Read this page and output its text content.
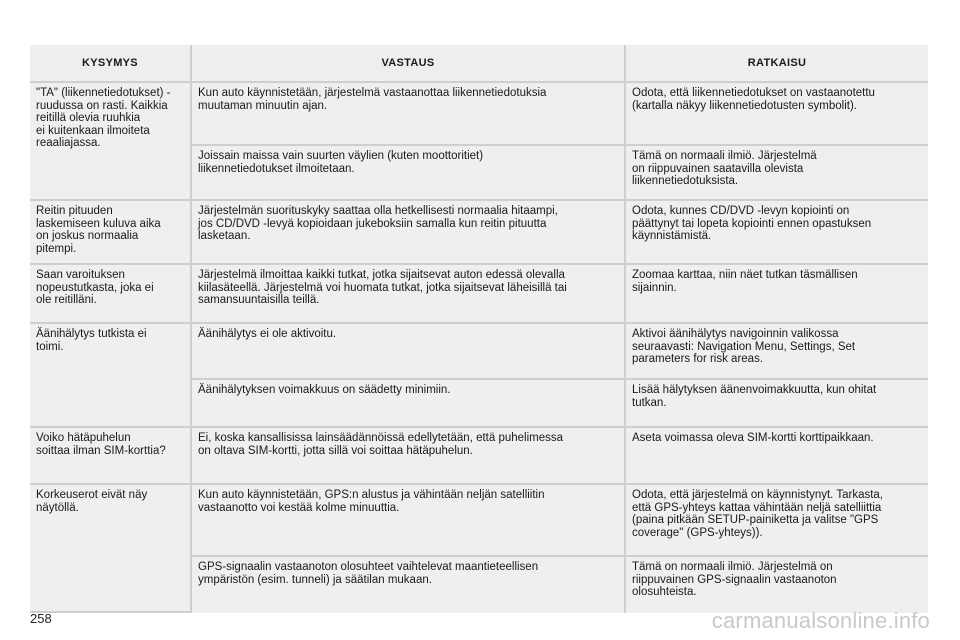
KYSYMYS	VASTAUS	RATKAISU

"TA" (liikennetiedotukset) -
ruudussa on rasti. Kaikkia
reitillä olevia ruuhkia
ei kuitenkaan ilmoiteta
reaaliajassa.	Kun auto käynnistetään, järjestelmä vastaanottaa liikennetiedotuksia
muutaman minuutin ajan.	Odota, että liikennetiedotukset on vastaanotettu
(kartalla näkyy liikennetiedotusten symbolit).

	Joissain maissa vain suurten väylien (kuten moottoritiet)
liikennetiedotukset ilmoitetaan.	Tämä on normaali ilmiö. Järjestelmä
on riippuvainen saatavilla olevista
liikennetiedotuksista.

Reitin pituuden
laskemiseen kuluva aika
on joskus normaalia
pitempi.	Järjestelmän suorituskyky saattaa olla hetkellisesti normaalia hitaampi,
jos CD/DVD -levyä kopioidaan jukeboksiin samalla kun reitin pituutta
lasketaan.	Odota, kunnes CD/DVD -levyn kopiointi on
päättynyt tai lopeta kopiointi ennen opastuksen
käynnistämistä.

Saan varoituksen
nopeustutkasta, joka ei
ole reitilläni.	Järjestelmä ilmoittaa kaikki tutkat, jotka sijaitsevat auton edessä olevalla
kiilasäteellä. Järjestelmä voi huomata tutkat, jotka sijaitsevat läheisillä tai
samansuuntaisilla teillä.	Zoomaa karttaa, niin näet tutkan täsmällisen
sijainnin.

Äänihälytys tutkista ei
toimi.	Äänihälytys ei ole aktivoitu.	Aktivoi äänihälytys navigoinnin valikossa
seuraavasti: Navigation Menu, Settings, Set
parameters for risk areas.

	Äänihälytyksen voimakkuus on säädetty minimiin.	Lisää hälytyksen äänenvoimakkuutta, kun ohitat
tutkan.

Voiko hätäpuhelun
soittaa ilman SIM-korttia?	Ei, koska kansallisissa lainsäädännöissä edellytetään, että puhelimessa
on oltava SIM-kortti, jotta sillä voi soittaa hätäpuhelun.	Aseta voimassa oleva SIM-kortti korttipaikkaan.

Korkeuserot eivät näy
näytöllä.	Kun auto käynnistetään, GPS:n alustus ja vähintään neljän satelliitin
vastaanotto voi kestää kolme minuuttia.	Odota, että järjestelmä on käynnistynyt. Tarkasta,
että GPS-yhteys kattaa vähintään neljä satelliittia
(paina pitkään SETUP-painiketta ja valitse "GPS
coverage" (GPS-yhteys)).

	GPS-signaalin vastaanoton olosuhteet vaihtelevat maantieteellisen
ympäristön (esim. tunneli) ja säätilan mukaan.	Tämä on normaali ilmiö. Järjestelmä on
riippuvainen GPS-signaalin vastaanoton
olosuhteista.
258	carmanualsonline.info
